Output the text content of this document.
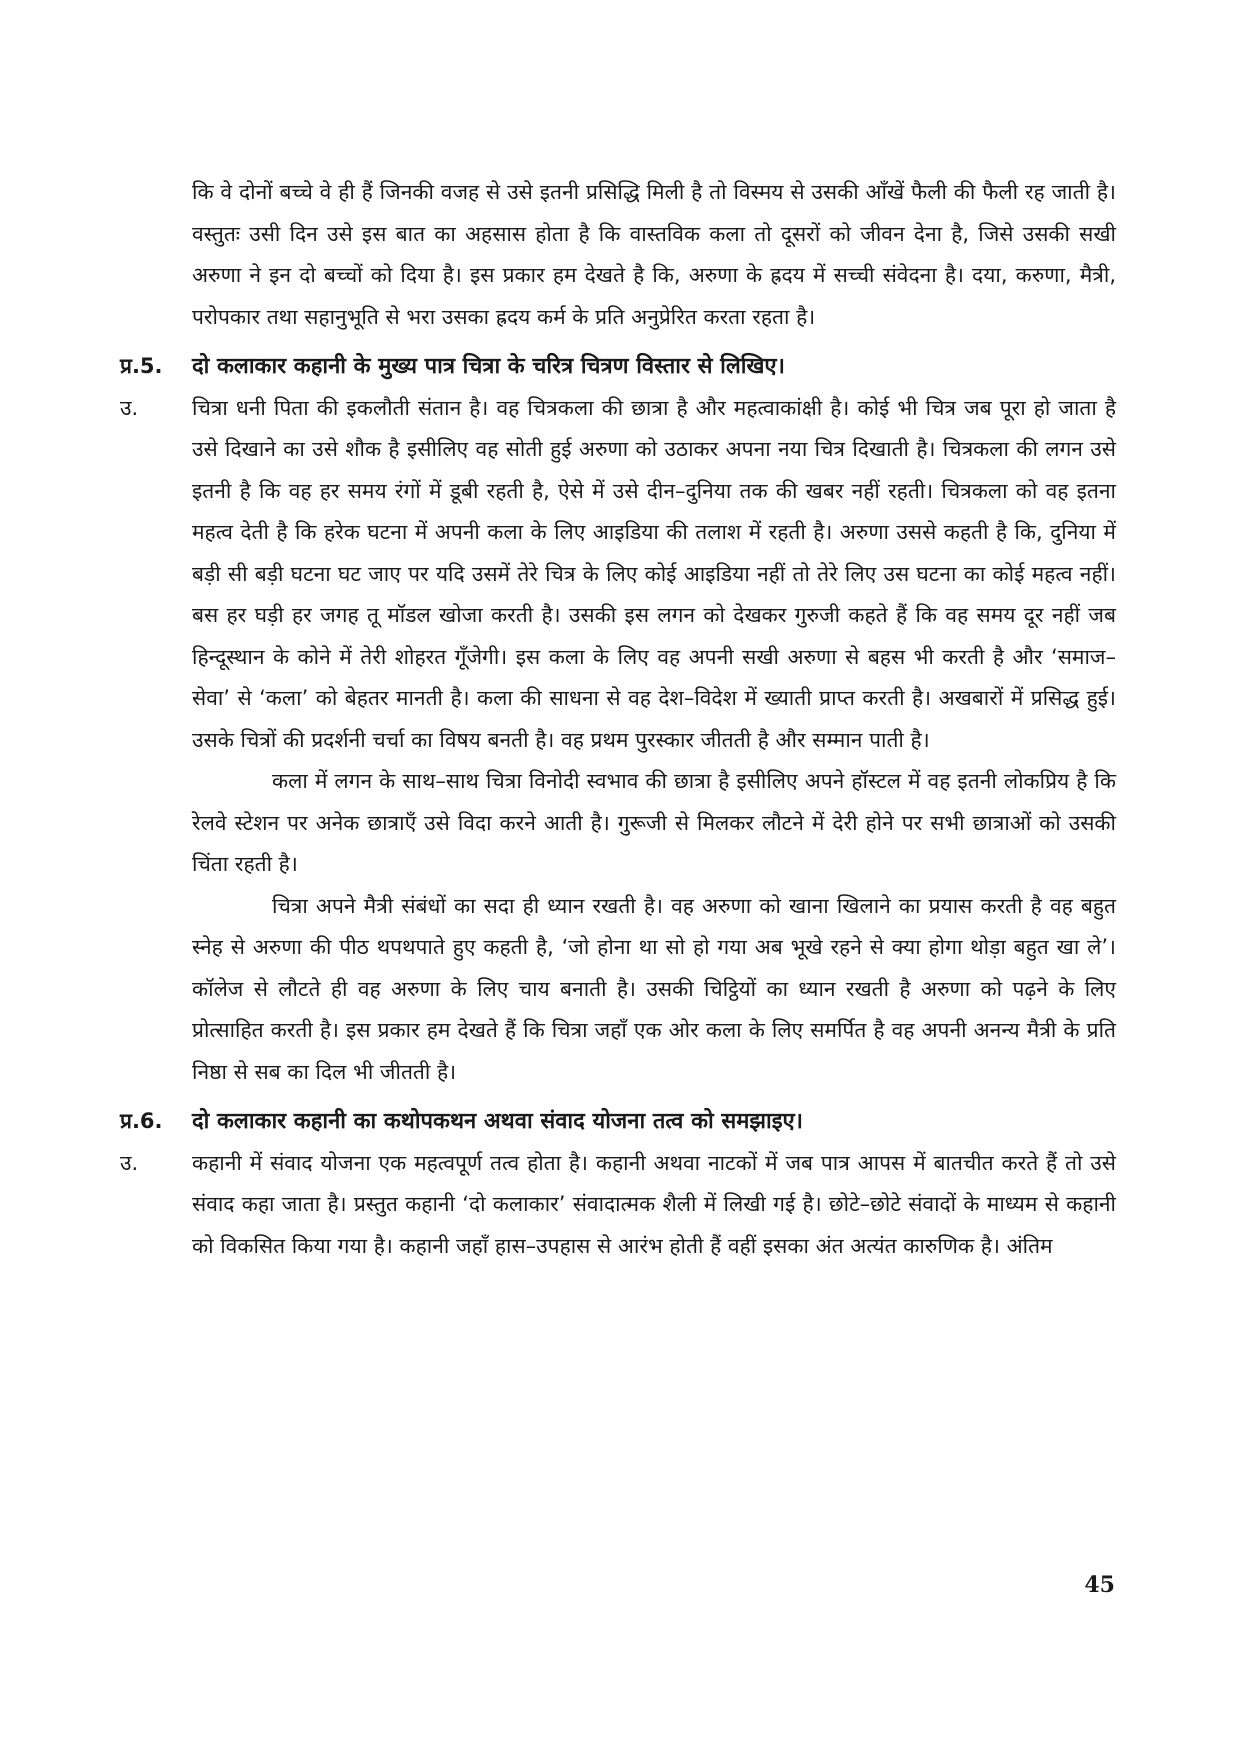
कि वे दोनों बच्चे वे ही हैं जिनकी वजह से उसे इतनी प्रसिद्धि मिली है तो विस्मय से उसकी आँखें फैली की फैली रह जाती है। वस्तुतः उसी दिन उसे इस बात का अहसास होता है कि वास्तविक कला तो दूसरों को जीवन देना है, जिसे उसकी सखी अरुणा ने इन दो बच्चों को दिया है। इस प्रकार हम देखते है कि, अरुणा के ह्रदय में सच्ची संवेदना है। दया, करुणा, मैत्री, परोपकार तथा सहानुभूति से भरा उसका ह्रदय कर्म के प्रति अनुप्रेरित करता रहता है।

प्र.5.	दो कलाकार कहानी के मुख्य पात्र चित्रा के चरित्र चित्रण विस्तार से लिखिए।
उ.	चित्रा धनी पिता की इकलौती संतान है। वह चित्रकला की छात्रा है और महत्वाकांक्षी है। कोई भी चित्र जब पूरा हो जाता है उसे दिखाने का उसे शौक है इसीलिए वह सोती हुई अरुणा को उठाकर अपना नया चित्र दिखाती है। चित्रकला की लगन उसे इतनी है कि वह हर समय रंगों में डूबी रहती है, ऐसे में उसे दीन–दुनिया तक की खबर नहीं रहती। चित्रकला को वह इतना महत्व देती है कि हरेक घटना में अपनी कला के लिए आइडिया की तलाश में रहती है। अरुणा उससे कहती है कि, दुनिया में बड़ी सी बड़ी घटना घट जाए पर यदि उसमें तेरे चित्र के लिए कोई आइडिया नहीं तो तेरे लिए उस घटना का कोई महत्व नहीं। बस हर घड़ी हर जगह तू मॉडल खोजा करती है। उसकी इस लगन को देखकर गुरुजी कहते हैं कि वह समय दूर नहीं जब हिन्दूस्थान के कोने में तेरी शोहरत गूँजेगी। इस कला के लिए वह अपनी सखी अरुणा से बहस भी करती है और ‘समाज–सेवा’ से ‘कला’ को बेहतर मानती है। कला की साधना से वह देश–विदेश में ख्याती प्राप्त करती है। अखबारों में प्रसिद्ध हुई। उसके चित्रों की प्रदर्शनी चर्चा का विषय बनती है। वह प्रथम पुरस्कार जीतती है और सम्मान पाती है।

कला में लगन के साथ–साथ चित्रा विनोदी स्वभाव की छात्रा है इसीलिए अपने हॉस्टल में वह इतनी लोकप्रिय है कि रेलवे स्टेशन पर अनेक छात्राएँ उसे विदा करने आती है। गुरूजी से मिलकर लौटने में देरी होने पर सभी छात्राओं को उसकी चिंता रहती है।

चित्रा अपने मैत्री संबंधों का सदा ही ध्यान रखती है। वह अरुणा को खाना खिलाने का प्रयास करती है वह बहुत स्नेह से अरुणा की पीठ थपथपाते हुए कहती है, ‘जो होना था सो हो गया अब भूखे रहने से क्या होगा थोड़ा बहुत खा ले’। कॉलेज से लौटते ही वह अरुणा के लिए चाय बनाती है। उसकी चिट्ठियों का ध्यान रखती है अरुणा को पढ़ने के लिए प्रोत्साहित करती है। इस प्रकार हम देखते हैं कि चित्रा जहाँ एक ओर कला के लिए समर्पित है वह अपनी अनन्य मैत्री के प्रति निष्ठा से सब का दिल भी जीतती है।

प्र.6.	दो कलाकार कहानी का कथोपकथन अथवा संवाद योजना तत्व को समझाइए।
उ.	कहानी में संवाद योजना एक महत्वपूर्ण तत्व होता है। कहानी अथवा नाटकों में जब पात्र आपस में बातचीत करते हैं तो उसे संवाद कहा जाता है। प्रस्तुत कहानी ‘दो कलाकार’ संवादात्मक शैली में लिखी गई है। छोटे–छोटे संवादों के माध्यम से कहानी को विकसित किया गया है। कहानी जहाँ हास–उपहास से आरंभ होती हैं वहीं इसका अंत अत्यंत कारुणिक है। अंतिम
45
